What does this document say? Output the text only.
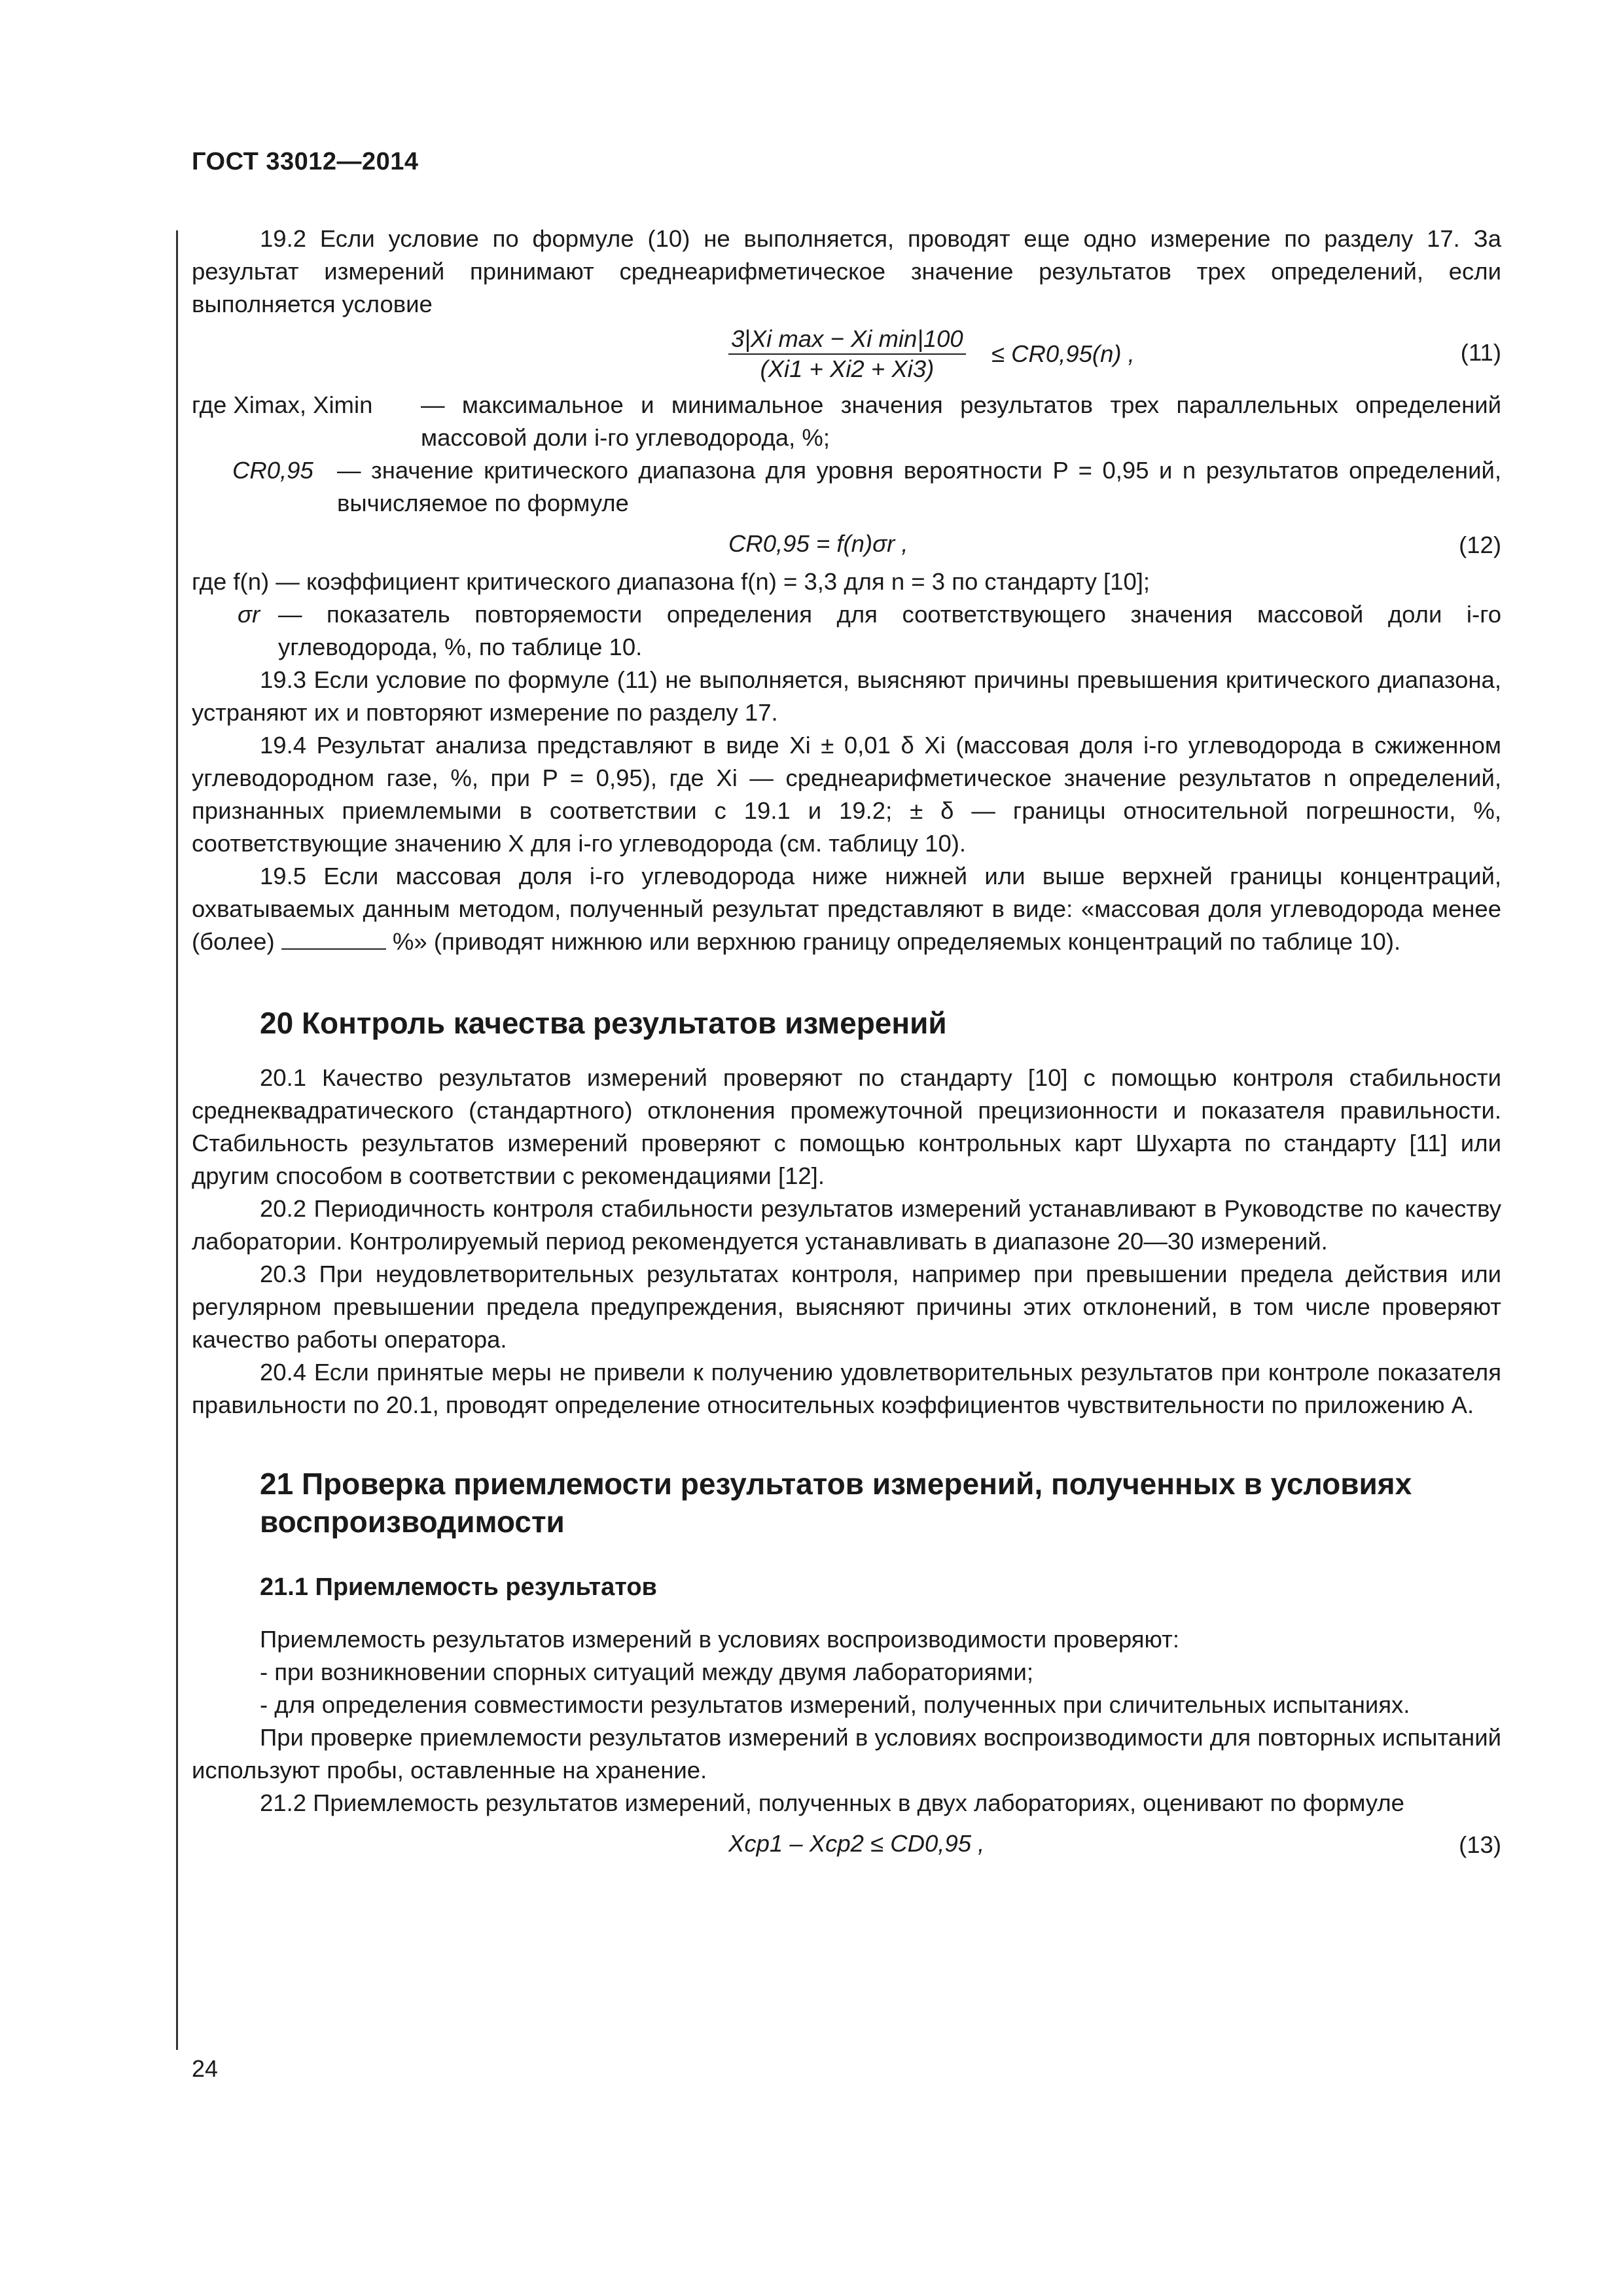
ГОСТ 33012—2014

19.2 Если условие по формуле (10) не выполняется, проводят еще одно измерение по разделу 17. За результат измерений принимают среднеарифметическое значение результатов трех определений, если выполняется условие

3|Xi max − Xi min|100
(Xi1 + Xi2 + Xi3)
≤ CR0,95(n) ,	(11)
где Ximax, Ximin	— максимальное и минимальное значения результатов трех параллельных определений массовой доли i-го углеводорода, %;
CR0,95 — значение критического диапазона для уровня вероятности P = 0,95 и n результатов определений, вычисляемое по формуле
CR0,95 = f(n)σr ,	(12)

где f(n) — коэффициент критического диапазона f(n) = 3,3 для n = 3 по стандарту [10];

σr — показатель повторяемости определения для соответствующего значения массовой доли i-го углеводорода, %, по таблице 10.

19.3 Если условие по формуле (11) не выполняется, выясняют причины превышения критического диапазона, устраняют их и повторяют измерение по разделу 17.

19.4 Результат анализа представляют в виде Xi ± 0,01 δ Xi (массовая доля i-го углеводорода в сжиженном углеводородном газе, %, при P = 0,95), где Xi — среднеарифметическое значение результатов n определений, признанных приемлемыми в соответствии с 19.1 и 19.2; ± δ — границы относительной погрешности, %, соответствующие значению X для i-го углеводорода (см. таблицу 10).

19.5 Если массовая доля i-го углеводорода ниже нижней или выше верхней границы концентраций, охватываемых данным методом, полученный результат представляют в виде: «массовая доля углеводорода менее (более)	%» (приводят нижнюю или верхнюю границу определяемых концентраций по таблице 10).

20 Контроль качества результатов измерений

20.1 Качество результатов измерений проверяют по стандарту [10] с помощью контроля стабильности среднеквадратического (стандартного) отклонения промежуточной прецизионности и показателя правильности. Стабильность результатов измерений проверяют с помощью контрольных карт Шухарта по стандарту [11] или другим способом в соответствии с рекомендациями [12].

20.2 Периодичность контроля стабильности результатов измерений устанавливают в Руководстве по качеству лаборатории. Контролируемый период рекомендуется устанавливать в диапазоне 20—30 измерений.

20.3 При неудовлетворительных результатах контроля, например при превышении предела действия или регулярном превышении предела предупреждения, выясняют причины этих отклонений, в том числе проверяют качество работы оператора.

20.4 Если принятые меры не привели к получению удовлетворительных результатов при контроле показателя правильности по 20.1, проводят определение относительных коэффициентов чувствительности по приложению А.

21 Проверка приемлемости результатов измерений, полученных в условиях воспроизводимости
21.1 Приемлемость результатов

Приемлемость результатов измерений в условиях воспроизводимости проверяют:

- при возникновении спорных ситуаций между двумя лабораториями;

- для определения совместимости результатов измерений, полученных при сличительных испытаниях.

При проверке приемлемости результатов измерений в условиях воспроизводимости для повторных испытаний используют пробы, оставленные на хранение.

21.2 Приемлемость результатов измерений, полученных в двух лабораториях, оценивают по формуле

Xср1 – Xср2 ≤ CD0,95 ,	(13)
24
